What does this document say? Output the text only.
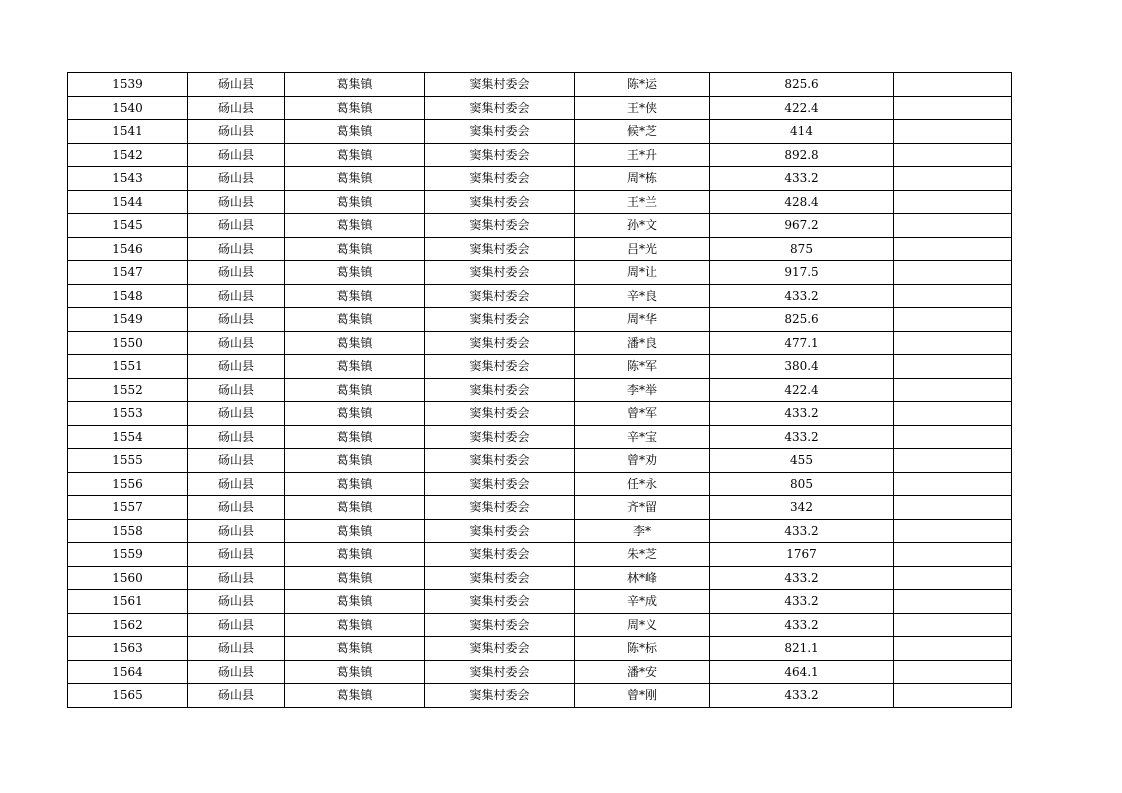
1539	砀山县	葛集镇	窦集村委会	陈*运	825.6	
1540	砀山县	葛集镇	窦集村委会	王*侠	422.4	
1541	砀山县	葛集镇	窦集村委会	候*芝	414	
1542	砀山县	葛集镇	窦集村委会	王*升	892.8	
1543	砀山县	葛集镇	窦集村委会	周*栋	433.2	
1544	砀山县	葛集镇	窦集村委会	王*兰	428.4	
1545	砀山县	葛集镇	窦集村委会	孙*文	967.2	
1546	砀山县	葛集镇	窦集村委会	吕*光	875	
1547	砀山县	葛集镇	窦集村委会	周*让	917.5	
1548	砀山县	葛集镇	窦集村委会	辛*良	433.2	
1549	砀山县	葛集镇	窦集村委会	周*华	825.6	
1550	砀山县	葛集镇	窦集村委会	潘*良	477.1	
1551	砀山县	葛集镇	窦集村委会	陈*军	380.4	
1552	砀山县	葛集镇	窦集村委会	李*举	422.4	
1553	砀山县	葛集镇	窦集村委会	曾*军	433.2	
1554	砀山县	葛集镇	窦集村委会	辛*宝	433.2	
1555	砀山县	葛集镇	窦集村委会	曾*劝	455	
1556	砀山县	葛集镇	窦集村委会	任*永	805	
1557	砀山县	葛集镇	窦集村委会	齐*留	342	
1558	砀山县	葛集镇	窦集村委会	李*	433.2	
1559	砀山县	葛集镇	窦集村委会	朱*芝	1767	
1560	砀山县	葛集镇	窦集村委会	林*峰	433.2	
1561	砀山县	葛集镇	窦集村委会	辛*成	433.2	
1562	砀山县	葛集镇	窦集村委会	周*义	433.2	
1563	砀山县	葛集镇	窦集村委会	陈*标	821.1	
1564	砀山县	葛集镇	窦集村委会	潘*安	464.1	
1565	砀山县	葛集镇	窦集村委会	曾*刚	433.2	
